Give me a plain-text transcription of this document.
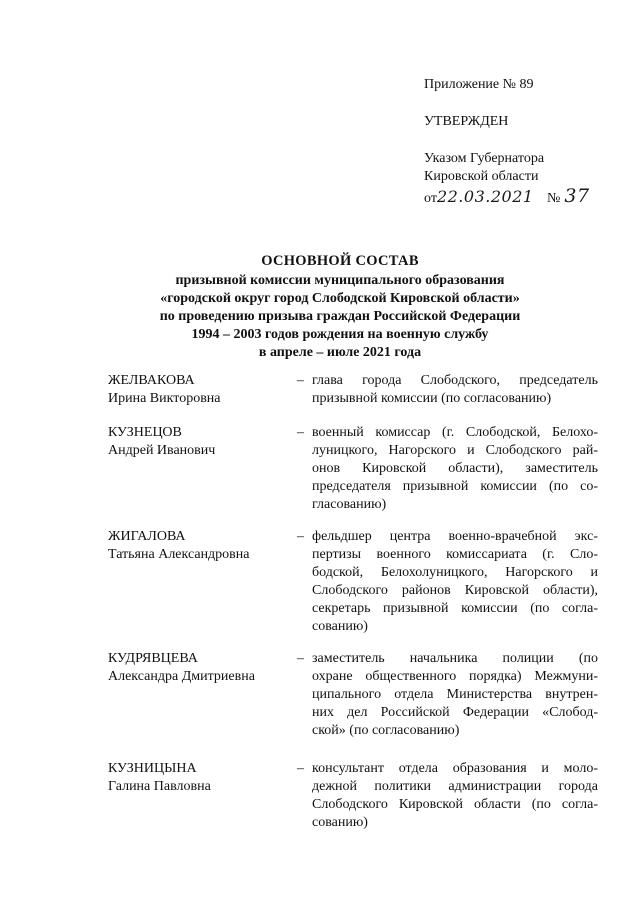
Приложение № 89
УТВЕРЖДЕН
Указом Губернатора
Кировской области
от22.03.2021 № 37
ОСНОВНОЙ СОСТАВ
призывной комиссии муниципального образования
«городской округ город Слободской Кировской области»
по проведению призыва граждан Российской Федерации
1994 – 2003 годов рождения на военную службу
в апреле – июле 2021 года
ЖЕЛВАКОВА
Ирина Викторовна
– глава города Слободского, председатель
призывной комиссии (по согласованию)
КУЗНЕЦОВ
Андрей Иванович
– военный комиссар (г. Слободской, Белохо-
луницкого, Нагорского и Слободского рай-
онов Кировской области), заместитель
председателя призывной комиссии (по со-
гласованию)
ЖИГАЛОВА
Татьяна Александровна
– фельдшер центра военно-врачебной экс-
пертизы военного комиссариата (г. Сло-
бодской, Белохолуницкого, Нагорского и
Слободского районов Кировской области),
секретарь призывной комиссии (по согла-
сованию)
КУДРЯВЦЕВА
Александра Дмитриевна
– заместитель начальника полиции (по
охране общественного порядка) Межмуни-
ципального отдела Министерства внутрен-
них дел Российской Федерации «Слобод-
ской» (по согласованию)
КУЗНИЦЫНА
Галина Павловна
– консультант отдела образования и моло-
дежной политики администрации города
Слободского Кировской области (по согла-
сованию)
